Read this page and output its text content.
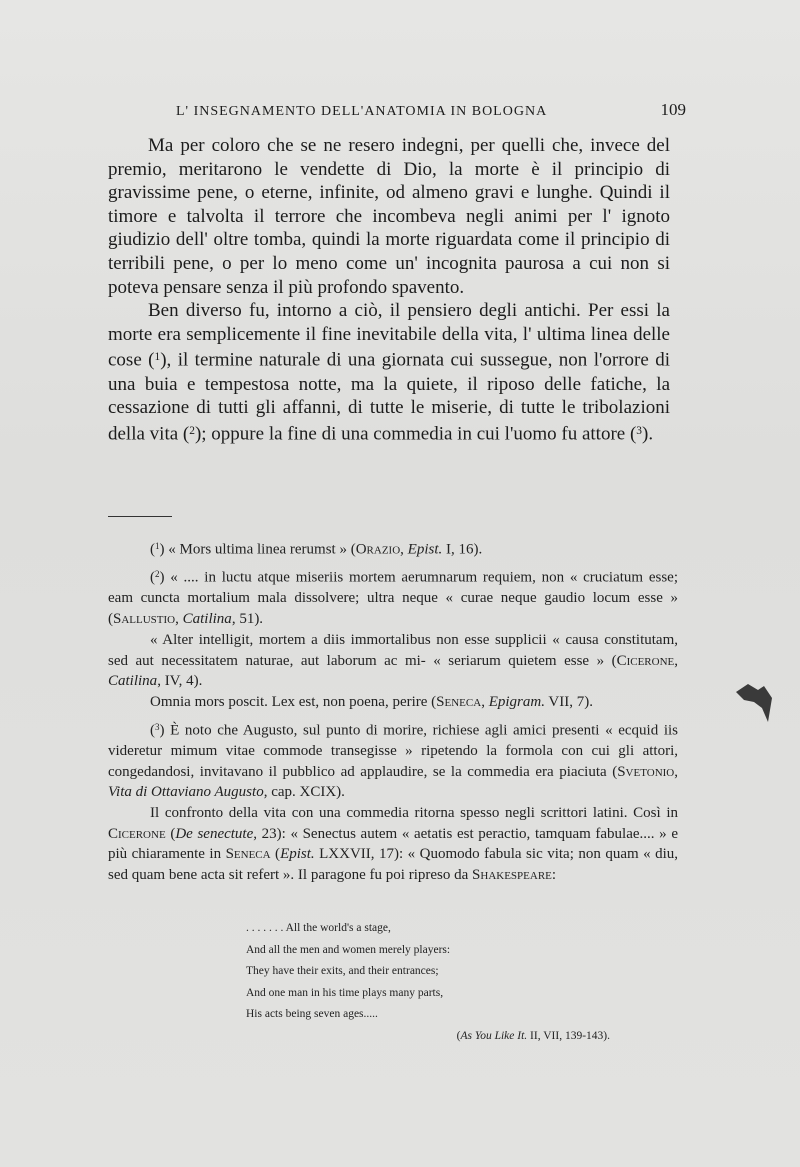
L' INSEGNAMENTO DELL'ANATOMIA IN BOLOGNA	109

Ma per coloro che se ne resero indegni, per quelli che, invece del premio, meritarono le vendette di Dio, la morte è il principio di gravissime pene, o eterne, infinite, od almeno gravi e lunghe. Quindi il timore e talvolta il terrore che incombeva negli animi per l' ignoto giudizio dell' oltre tomba, quindi la morte riguardata come il principio di terribili pene, o per lo meno come un' incognita paurosa a cui non si poteva pensare senza il più profondo spavento.

Ben diverso fu, intorno a ciò, il pensiero degli antichi. Per essi la morte era semplicemente il fine inevitabile della vita, l' ultima linea delle cose ($^1$), il termine naturale di una giornata cui sussegue, non l'orrore di una buia e tempestosa notte, ma la quiete, il riposo delle fatiche, la cessazione di tutti gli affanni, di tutte le miserie, di tutte le tribolazioni della vita ($^2$); oppure la fine di una commedia in cui l'uomo fu attore ($^3$).

($^1$) « Mors ultima linea rerumst » (Orazio, Epist. I, 16).

($^2$) « .... in luctu atque miseriis mortem aerumnarum requiem, non « cruciatum esse; eam cuncta mortalium mala dissolvere; ultra neque « curae neque gaudio locum esse » (Sallustio, Catilina, 51).

« Alter intelligit, mortem a diis immortalibus non esse supplicii « causa constitutam, sed aut necessitatem naturae, aut laborum ac mi- « seriarum quietem esse » (Cicerone, Catilina, IV, 4).

Omnia mors poscit. Lex est, non poena, perire (Seneca, Epigram. VII, 7).

($^3$) È noto che Augusto, sul punto di morire, richiese agli amici presenti « ecquid iis videretur mimum vitae commode transegisse » ripetendo la formola con cui gli attori, congedandosi, invitavano il pubblico ad applaudire, se la commedia era piaciuta (Svetonio, Vita di Ottaviano Augusto, cap. XCIX).

Il confronto della vita con una commedia ritorna spesso negli scrittori latini. Così in Cicerone (De senectute, 23): « Senectus autem « aetatis est peractio, tamquam fabulae.... » e più chiaramente in Seneca (Epist. LXXVII, 17): « Quomodo fabula sic vita; non quam « diu, sed quam bene acta sit refert ». Il paragone fu poi ripreso da Shakespeare:

. . . . . . . All the world's a stage,
And all the men and women merely players:
They have their exits, and their entrances;
And one man in his time plays many parts,
His acts being seven ages.....
(As You Like It. II, VII, 139-143).
